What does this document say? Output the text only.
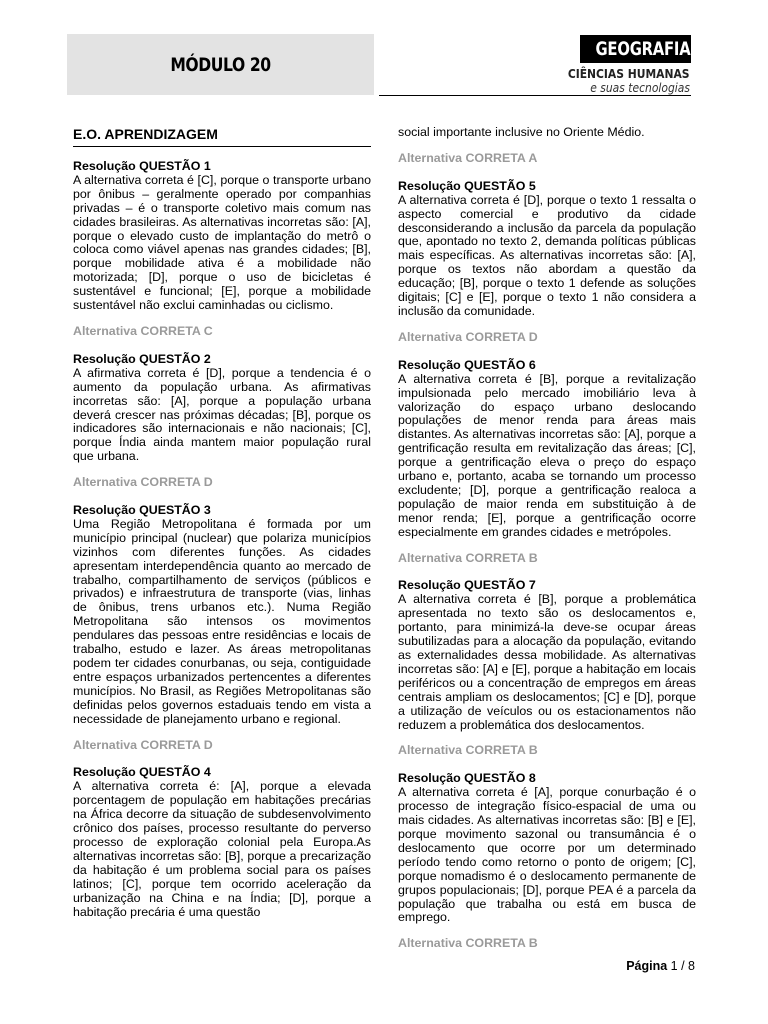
MÓDULO 20
GEOGRAFIA 1
CIÊNCIAS HUMANAS
e suas tecnologias
E.O. APRENDIZAGEM
Resolução QUESTÃO 1

A alternativa correta é [C], porque o transporte urbano por ônibus – geralmente operado por companhias privadas – é o transporte coletivo mais comum nas cidades brasileiras. As alternativas incorretas são: [A], porque o elevado custo de implantação do metrô o coloca como viável apenas nas grandes cidades; [B], porque mobilidade ativa é a mobilidade não motorizada; [D], porque o uso de bicicletas é sustentável e funcional; [E], porque a mobilidade sustentável não exclui caminhadas ou ciclismo.

Alternativa CORRETA C
Resolução QUESTÃO 2

A afirmativa correta é [D], porque a tendencia é o aumento da população urbana. As afirmativas incorretas são: [A], porque a população urbana deverá crescer nas próximas décadas; [B], porque os indicadores são internacionais e não nacionais; [C], porque Índia ainda mantem maior população rural que urbana.

Alternativa CORRETA D
Resolução QUESTÃO 3

Uma Região Metropolitana é formada por um município principal (nuclear) que polariza municípios vizinhos com diferentes funções. As cidades apresentam interdependência quanto ao mercado de trabalho, compartilhamento de serviços (públicos e privados) e infraestrutura de transporte (vias, linhas de ônibus, trens urbanos etc.). Numa Região Metropolitana são intensos os movimentos pendulares das pessoas entre residências e locais de trabalho, estudo e lazer. As áreas metropolitanas podem ter cidades conurbanas, ou seja, contiguidade entre espaços urbanizados pertencentes a diferentes municípios. No Brasil, as Regiões Metropolitanas são definidas pelos governos estaduais tendo em vista a necessidade de planejamento urbano e regional.

Alternativa CORRETA D
Resolução QUESTÃO 4

A alternativa correta é: [A], porque a elevada porcentagem de população em habitações precárias na África decorre da situação de subdesenvolvimento crônico dos países, processo resultante do perverso processo de exploração colonial pela Europa.As alternativas incorretas são: [B], porque a precarização da habitação é um problema social para os países latinos; [C], porque tem ocorrido aceleração da urbanização na China e na Índia; [D], porque a habitação precária é uma questão

social importante inclusive no Oriente Médio.

Alternativa CORRETA A
Resolução QUESTÃO 5

A alternativa correta é [D], porque o texto 1 ressalta o aspecto comercial e produtivo da cidade desconsiderando a inclusão da parcela da população que, apontado no texto 2, demanda políticas públicas mais específicas. As alternativas incorretas são: [A], porque os textos não abordam a questão da educação; [B], porque o texto 1 defende as soluções digitais; [C] e [E], porque o texto 1 não considera a inclusão da comunidade.

Alternativa CORRETA D
Resolução QUESTÃO 6

A alternativa correta é [B], porque a revitalização impulsionada pelo mercado imobiliário leva à valorização do espaço urbano deslocando populações de menor renda para áreas mais distantes. As alternativas incorretas são: [A], porque a gentrificação resulta em revitalização das áreas; [C], porque a gentrificação eleva o preço do espaço urbano e, portanto, acaba se tornando um processo excludente; [D], porque a gentrificação realoca a população de maior renda em substituição à de menor renda; [E], porque a gentrificação ocorre especialmente em grandes cidades e metrópoles.

Alternativa CORRETA B
Resolução QUESTÃO 7

A alternativa correta é [B], porque a problemática apresentada no texto são os deslocamentos e, portanto, para minimizá-la deve-se ocupar áreas subutilizadas para a alocação da população, evitando as externalidades dessa mobilidade. As alternativas incorretas são: [A] e [E], porque a habitação em locais periféricos ou a concentração de empregos em áreas centrais ampliam os deslocamentos; [C] e [D], porque a utilização de veículos ou os estacionamentos não reduzem a problemática dos deslocamentos.

Alternativa CORRETA B
Resolução QUESTÃO 8

A alternativa correta é [A], porque conurbação é o processo de integração físico-espacial de uma ou mais cidades. As alternativas incorretas são: [B] e [E], porque movimento sazonal ou transumância é o deslocamento que ocorre por um determinado período tendo como retorno o ponto de origem; [C], porque nomadismo é o deslocamento permanente de grupos populacionais; [D], porque PEA é a parcela da população que trabalha ou está em busca de emprego.

Alternativa CORRETA B
Página 1 / 8
